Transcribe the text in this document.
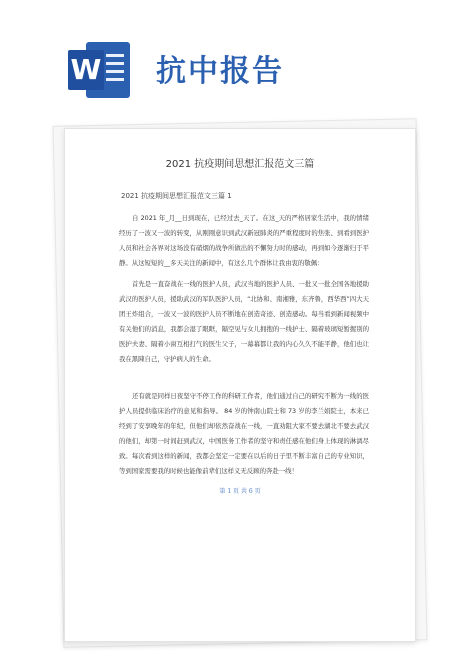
W 抗中报告
2021 抗疫期间思想汇报范文三篇
2021 抗疫期间思想汇报范文三篇 1

自 2021 年_月__日到现在，已经过去_天了。在这_天的严格居家生活中，我的情绪经历了一波又一波的转变，从刚刚意识到武汉新冠肺炎的严重程度时的焦张、到看到医护人员和社会各界对这场没有硝烟的战争所做出的不懈努力时的感动，再到如今逐渐归于平静。从这短短的__多天关注的新闻中，有这么几个群体让我由衷的敬佩：

首先是一直奋战在一线的医护人员，武汉当地的医护人员、一批又一批全国各地援助武汉的医护人员，援助武汉的军队医护人员，“北协和、南湘雅，东齐鲁，西华西”四大天团王炸组合，一波又一波的医护人员不断地在创造奇迹、创造感动。每当看到新闻视频中有关他们的消息，我都会湿了眼眶，隔空见与女儿拥抱的一线护士、隔着玻璃短暂握别的医护夫妻、隔着小窗互相打气的医生父子，一幕幕都让我的内心久久不能平静，他们也让我在黑陳自己，守护病人的生命。

还有就是同样日夜坚守不停工作的科研工作者，他们通过自己的研究不断为一线的医护人员提供临床治疗的意见和指导。 84 岁的钟南山院士和 73 岁的李兰娟院士，本来已经到了安享晚年的年纪，但他们却依然奋战在一线，一直劝阻大家不要去湖北不要去武汉的他们，却第一时间赶到武汉，中国医务工作者的坚守和责任感在他们身上体现的淋漓尽致。每次看到这样的新闻，我都会坚定一定要在以后的日子里不断丰富自己的专业知识，等到国家需要我的时候也能像前辈们这样义无反顾的奔赴一线！

第 1 页 共 6 页
